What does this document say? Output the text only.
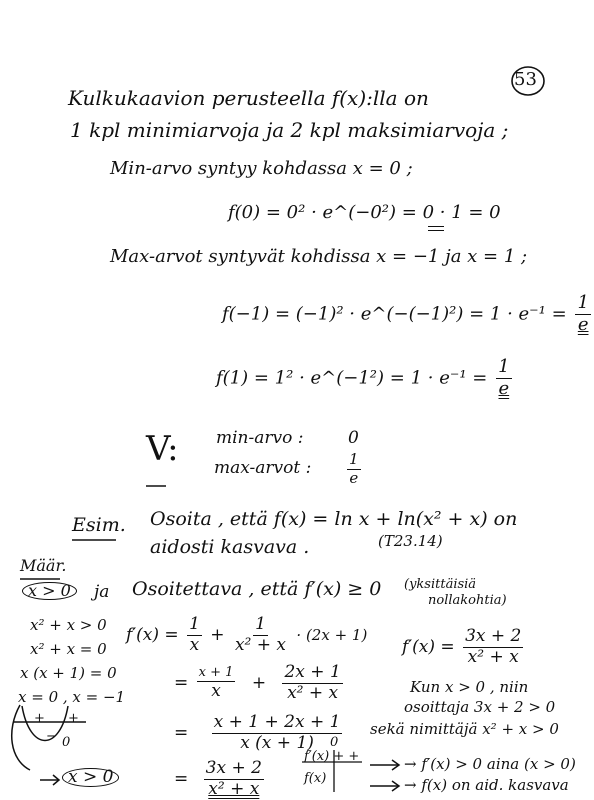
53
Kulkukaavion perusteella f(x):lla on
1 kpl minimiarvoja ja 2 kpl maksimiarvoja ;
Min-arvo syntyy kohdassa x = 0 ;
f(0) = 0² · e^(−0²) = 0 · 1 = 0
Max-arvot syntyvät kohdissa x = −1 ja x = 1 ;
f(−1) = (−1)² · e^(−(−1)²) = $1 \cdot e^{-1} = \frac{1}{e}$
f(1) = 1² · e^(−1²) = $1 \cdot e^{-1} = \frac{1}{e}$
V: min-arvo :	0
max-arvot : $\frac{1}{e}$
Esim. Osoita , että f(x) = ln x + ln(x² + x) on
aidosti kasvava .	(T23.14)
Määr.
x > 0
x² + x > 0
x² + x = 0
x (x + 1) = 0
x = 0 , x = −1
+ +
− 0
x > 0
ja Osoitettava , että f′(x) ≥ 0 (yksittäisiä
nollakohtia)
$f'(x) = \frac{1}{x} + \frac{1}{\text{x² + x}} \cdot (2x + 1)$
= $\frac{x + 1}{x} + \frac{2x + 1}{\text{x² + x}}$
= $\frac{x + 1 + 2x + 1}{x (x + 1)}$
= $\frac{3x + 2}{\text{x² + x}}$
f′(x) + +
f(x)
0
$f'(x) = \frac{3x + 2}{\text{x² + x}}$
Kun x > 0 , niin
osoittaja 3x + 2 > 0
sekä nimittäjä x² + x > 0
→ f′(x) > 0 aina (x > 0)
→ f(x) on aid. kasvava
